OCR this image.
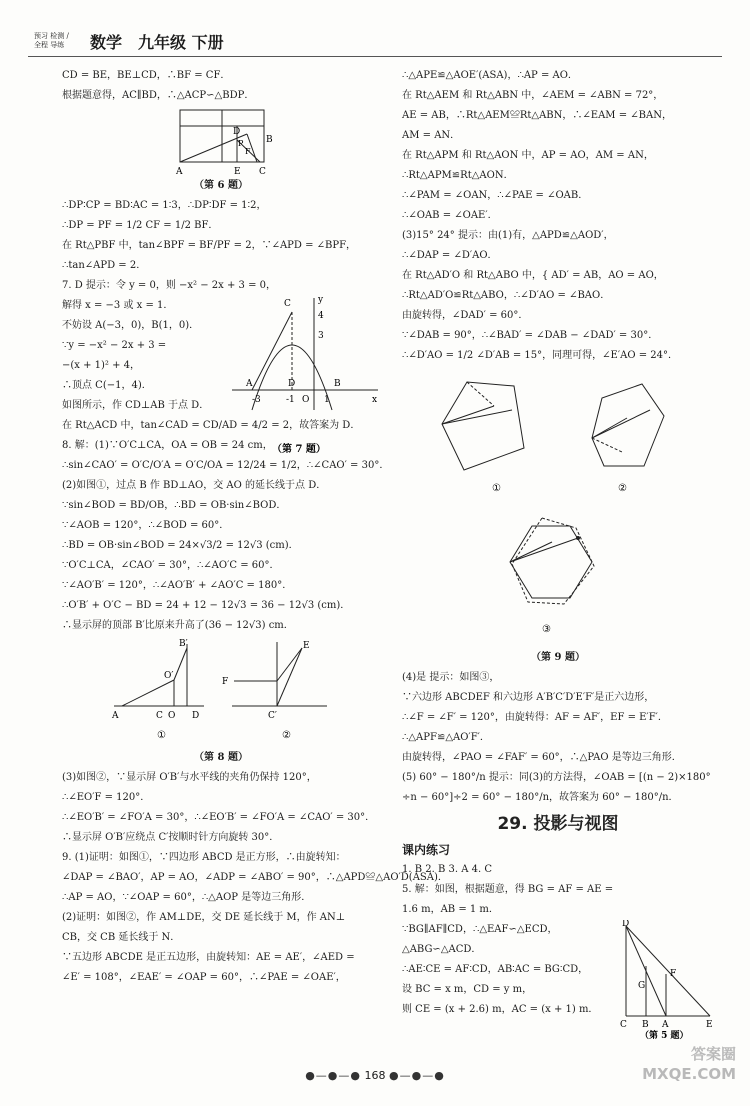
预习 检测 / 全程 导练	数学 九年级 下册
CD = BE，BE⊥CD，∴BF = CF．
根据题意得，AC∥BD，∴△ACP∽△BDP．
A
D
B
E C
F
P
（第 6 题）
∴DP∶CP = BD∶AC = 1∶3，∴DP∶DF = 1∶2，
∴DP = PF = 1/2 CF = 1/2 BF．
在 Rt△PBF 中，tan∠BPF = BF/PF = 2，∵∠APD = ∠BPF，
∴tan∠APD = 2．
7. D 提示：令 y = 0，则 −x² − 2x + 3 = 0，
解得 x = −3 或 x = 1．
不妨设 A(−3，0)，B(1，0)．
∵y = −x² − 2x + 3 =
−(x + 1)² + 4，
∴顶点 C(−1，4)．
如图所示，作 CD⊥AB 于点 D．
在 Rt△ACD 中，tan∠CAD = CD/AD = 4/2 = 2，故答案为 D．
8. 解：(1)∵O′C⊥CA，OA = OB = 24 cm，
∴sin∠CAO′ = O′C/O′A = O′C/OA = 12/24 = 1/2，∴∠CAO′ = 30°．
(2)如图①，过点 B 作 BD⊥AO，交 AO 的延长线于点 D．
∵sin∠BOD = BD/OB，∴BD = OB·sin∠BOD．
∵∠AOB = 120°，∴∠BOD = 60°．
∴BD = OB·sin∠BOD = 24×√3/2 = 12√3 (cm)．
∵O′C⊥CA，∠CAO′ = 30°，∴∠AO′C = 60°．
∵∠AO′B′ = 120°，∴∠AO′B′ + ∠AO′C = 180°．
∴O′B′ + O′C − BD = 24 + 12 − 12√3 = 36 − 12√3 (cm)．
∴显示屏的顶部 B′比原来升高了(36 − 12√3) cm．
A	C O D
B′
O′
F
E
C′
①	②
（第 8 题）
(3)如图②，∵显示屏 O′B′与水平线的夹角仍保持 120°，
∴∠EO′F = 120°．
∴∠EO′B′ = ∠FO′A = 30°，∴∠EO′B′ = ∠FO′A = ∠CAO′ = 30°．
∴显示屏 O′B′应绕点 C′按顺时针方向旋转 30°．
9. (1)证明：如图①，∵四边形 ABCD 是正方形，∴由旋转知：
∠DAP = ∠BAO′，AP = AO，∠ADP = ∠ABO′ = 90°，∴△APD≌△AO′D(ASA)．
∴AP = AO，∵∠OAP = 60°，∴△AOP 是等边三角形．
(2)证明：如图②，作 AM⊥DE，交 DE 延长线于 M，作 AN⊥
CB，交 CB 延长线于 N．
∵五边形 ABCDE 是正五边形，由旋转知：AE = AE′，∠AED =
∠E′ = 108°，∠EAE′ = ∠OAP = 60°，∴∠PAE = ∠OAE′，
∴△APE≌△AOE′(ASA)，∴AP = AO．
在 Rt△AEM 和 Rt△ABN 中，∠AEM = ∠ABN = 72°，
AE = AB，∴Rt△AEM≌Rt△ABN，∴∠EAM = ∠BAN，
AM = AN．
在 Rt△APM 和 Rt△AON 中，AP = AO，AM = AN，
∴Rt△APM≌Rt△AON．
∴∠PAM = ∠OAN，∴∠PAE = ∠OAB．
∴∠OAB = ∠OAE′．
(3)15° 24° 提示：由(1)有，△APD≌△AOD′，
∴∠DAP = ∠D′AO．
在 Rt△AD′O 和 Rt△ABO 中，{ AD′ = AB，AO = AO，
∴Rt△AD′O≌Rt△ABO，∴∠D′AO = ∠BAO．
由旋转得，∠DAD′ = 60°．
∵∠DAB = 90°，∴∠BAD′ = ∠DAB − ∠DAD′ = 30°．
∴∠D′AO = 1/2 ∠D′AB = 15°，同理可得，∠E′AO = 24°．
①	②
③
（第 9 题）
(4)是 提示：如图③，
∵六边形 ABCDEF 和六边形 A′B′C′D′E′F′是正六边形，
∴∠F = ∠F′ = 120°，由旋转得：AF = AF′，EF = E′F′．
∴△APF≌△AO′F′．
由旋转得，∠PAO = ∠FAF′ = 60°，∴△PAO 是等边三角形．
(5) 60° − 180°/n 提示：同(3)的方法得，∠OAB = [(n − 2)×180°
÷n − 60°]÷2 = 60° − 180°/n，故答案为 60° − 180°/n．
29. 投影与视图
课内练习
1. B 2. B 3. A 4. C
5. 解：如图，根据题意，得 BG = AF = AE =
1.6 m，AB = 1 m．
∵BG∥AF∥CD，∴△EAF∽△ECD，
△ABG∽△ACD．
∴AE∶CE = AF∶CD，AB∶AC = BG∶CD，
设 BC = x m，CD = y m，
则 CE = (x + 2.6) m，AC = (x + 1) m．
D
G
F
C B A	E
（第 5 题）
C	y
4
3
A	D
O
B
x
-3	-1	1
（第 7 题）
●—●—● 168 ●—●—●
答案圈
MXQE.COM
